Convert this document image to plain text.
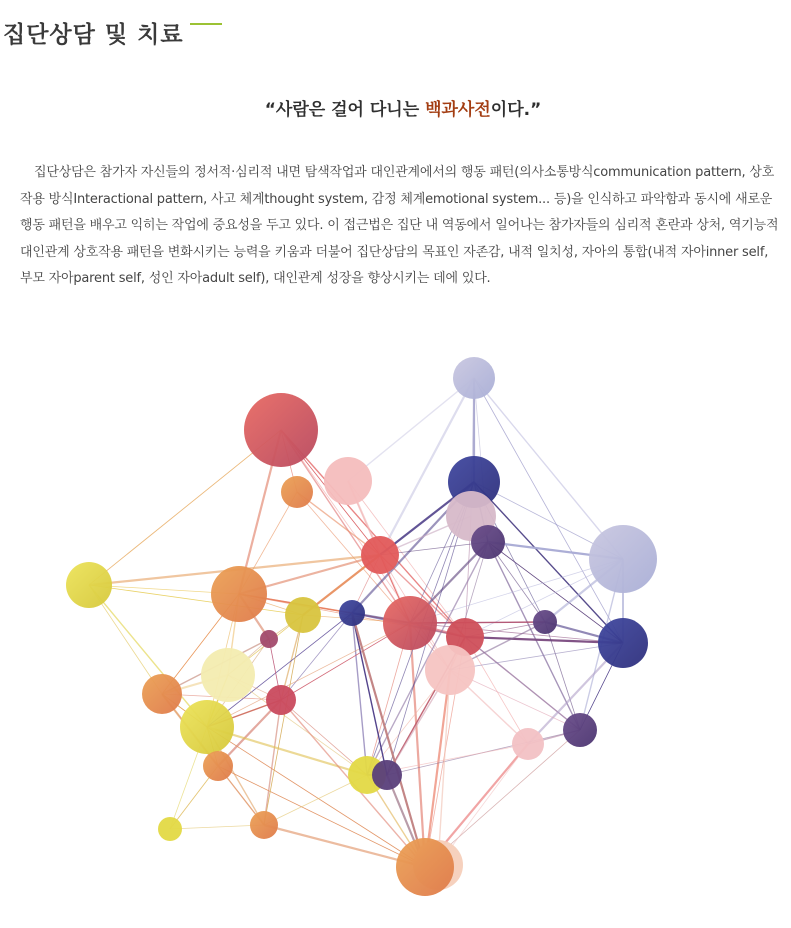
집단상담 및 치료

“사람은 걸어 다니는 백과사전이다.”

집단상담은 참가자 자신들의 정서적·심리적 내면 탐색작업과 대인관계에서의 행동 패턴(의사소통방식communication pattern, 상호작용 방식Interactional pattern, 사고 체계thought system, 감정 체계emotional system... 등)을 인식하고 파악함과 동시에 새로운 행동 패턴을 배우고 익히는 작업에 중요성을 두고 있다. 이 접근법은 집단 내 역동에서 일어나는 참가자들의 심리적 혼란과 상처, 역기능적 대인관계 상호작용 패턴을 변화시키는 능력을 키움과 더불어 집단상담의 목표인 자존감, 내적 일치성, 자아의 통합(내적 자아inner self, 부모 자아parent self, 성인 자아adult self), 대인관계 성장을 향상시키는 데에 있다.
